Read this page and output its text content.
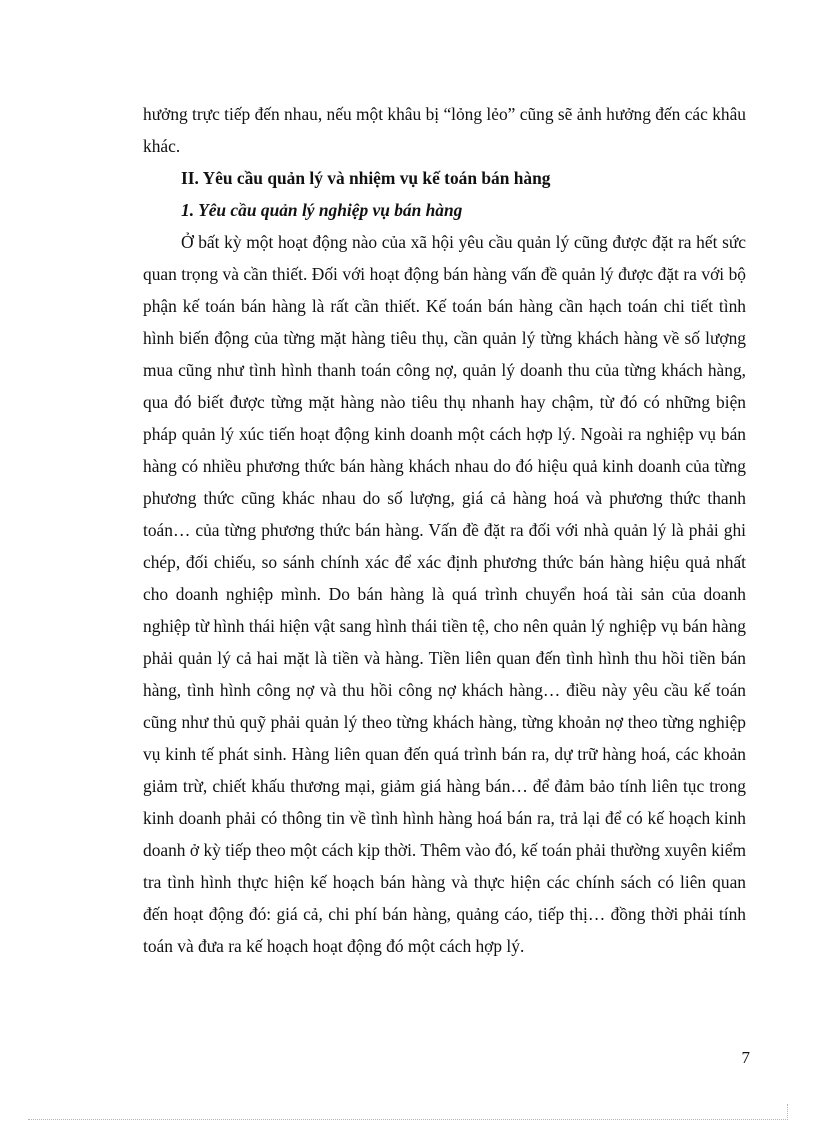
hưởng trực tiếp đến nhau, nếu một khâu bị “lỏng lẻo” cũng sẽ ảnh hưởng đến các khâu khác.

II. Yêu cầu quản lý và nhiệm vụ kế toán bán hàng

1. Yêu cầu quản lý nghiệp vụ bán hàng

Ở bất kỳ một hoạt động nào của xã hội yêu cầu quản lý cũng được đặt ra hết sức quan trọng và cần thiết. Đối với hoạt động bán hàng vấn đề quản lý được đặt ra với bộ phận kế toán bán hàng là rất cần thiết. Kế toán bán hàng cần hạch toán chi tiết tình hình biến động của từng mặt hàng tiêu thụ, cần quản lý từng khách hàng về số lượng mua cũng như tình hình thanh toán công nợ, quản lý doanh thu của từng khách hàng, qua đó biết được từng mặt hàng nào tiêu thụ nhanh hay chậm, từ đó có những biện pháp quản lý xúc tiến hoạt động kinh doanh một cách hợp lý. Ngoài ra nghiệp vụ bán hàng có nhiều phương thức bán hàng khách nhau do đó hiệu quả kinh doanh của từng phương thức cũng khác nhau do số lượng, giá cả hàng hoá và phương thức thanh toán… của từng phương thức bán hàng. Vấn đề đặt ra đối với nhà quản lý là phải ghi chép, đối chiếu, so sánh chính xác để xác định phương thức bán hàng hiệu quả nhất cho doanh nghiệp mình. Do bán hàng là quá trình chuyển hoá tài sản của doanh nghiệp từ hình thái hiện vật sang hình thái tiền tệ, cho nên quản lý nghiệp vụ bán hàng phải quản lý cả hai mặt là tiền và hàng. Tiền liên quan đến tình hình thu hồi tiền bán hàng, tình hình công nợ và thu hồi công nợ khách hàng… điều này yêu cầu kế toán cũng như thủ quỹ phải quản lý theo từng khách hàng, từng khoản nợ theo từng nghiệp vụ kinh tế phát sinh. Hàng liên quan đến quá trình bán ra, dự trữ hàng hoá, các khoản giảm trừ, chiết khấu thương mại, giảm giá hàng bán… để đảm bảo tính liên tục trong kinh doanh phải có thông tin về tình hình hàng hoá bán ra, trả lại để có kế hoạch kinh doanh ở kỳ tiếp theo một cách kịp thời. Thêm vào đó, kế toán phải thường xuyên kiểm tra tình hình thực hiện kế hoạch bán hàng và thực hiện các chính sách có liên quan đến hoạt động đó: giá cả, chi phí bán hàng, quảng cáo, tiếp thị… đồng thời phải tính toán và đưa ra kế hoạch hoạt động đó một cách hợp lý.

7
